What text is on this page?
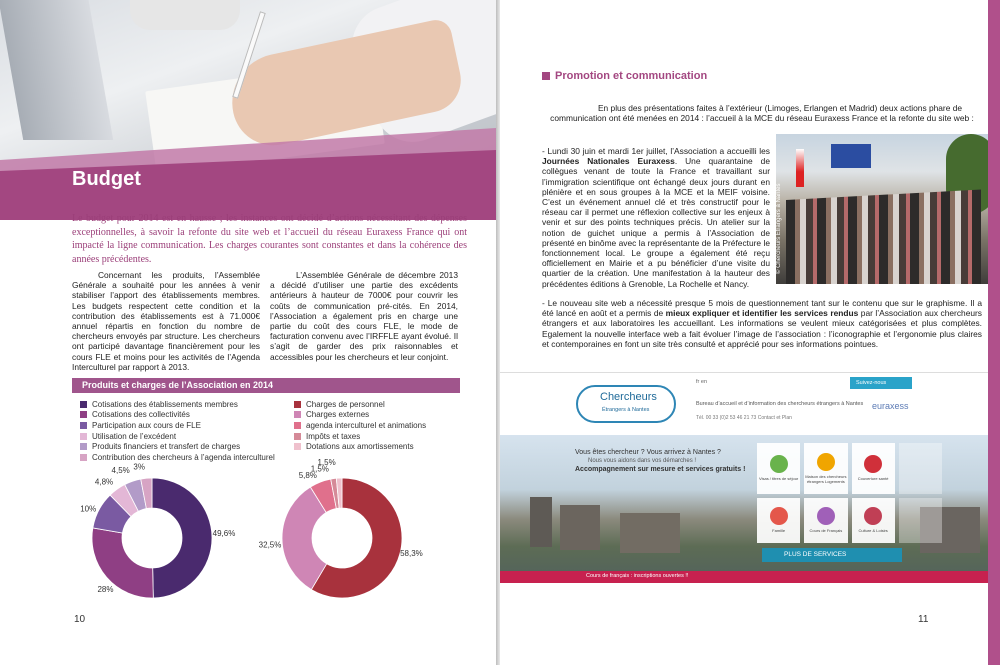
Budget

Le budget pour 2014 est en hausse ; les instances ont décidé d’actions nécessitant des dépenses exceptionnelles, à savoir la refonte du site web et l’accueil du réseau Euraxess France qui ont impacté la ligne communication. Les charges courantes sont constantes et dans la cohérence des années précédentes.

Concernant les produits, l’Assemblée Générale a souhaité pour les années à venir stabiliser l’apport des établissements membres. Les budgets respectent cette condition et la contribution des établissements est à 71.000€ annuel répartis en fonction du nombre de chercheurs envoyés par structure. Les chercheurs ont participé davantage financièrement pour les cours FLE et moins pour les activités de l’Agenda Interculturel par rapport à 2013.

L’Assemblée Générale de décembre 2013 a décidé d’utiliser une partie des excédents antérieurs à hauteur de 7000€ pour couvrir les coûts de communication pré-cités. En 2014, l’Association a également pris en charge une partie du coût des cours FLE, le mode de facturation convenu avec l’IRFFLE ayant évolué. Il s’agit de garder des prix raisonnables et accessibles pour les chercheurs et leur conjoint.

Produits et charges de l’Association en 2014
Cotisations des établissements membres
Cotisations des collectivités
Participation aux cours de FLE
Utilisation de l’excédent
Produits financiers et transfert de charges
Contribution des chercheurs à l’agenda interculturel
Charges de personnel
Charges externes
agenda interculturel et animations
Impôts et taxes
Dotations aux amortissements
49,6%
28%
10%
4,8%
4,5% 3%
58,3%
32,5%
5,8%
1,5%
1,5%
10
Promotion et communication

En plus des présentations faites à l’extérieur (Limoges, Erlangen et Madrid) deux actions phare de communication ont été menées en 2014 : l’accueil à la MCE du réseau Euraxess France et la refonte du site web :

- Lundi 30 juin et mardi 1er juillet, l’Association a accueilli les Journées Nationales Euraxess. Une quarantaine de collègues venant de toute la France et travaillant sur l’immigration scientifique ont échangé deux jours durant en plénière et en sous groupes à la MCE et la MEIF voisine. C’est un événement annuel clé et très constructif pour le réseau car il permet une réflexion collective sur les enjeux à venir et sur des points techniques précis. Un atelier sur la notion de guichet unique a permis à l’Association de présenté en binôme avec la représentante de la Préfecture le fonctionnement local. Le groupe a également été reçu officiellement en Mairie et a pu bénéficier d’une visite du quartier de la création. Une manifestation à la hauteur des précédentes éditions à Grenoble, La Rochelle et Nancy.

© Chercheurs Étrangers à Nantes

- Le nouveau site web a nécessité presque 5 mois de questionnement tant sur le contenu que sur le graphisme. Il a été lancé en août et a permis de mieux expliquer et identifier les services rendus par l’Association aux chercheurs étrangers et aux laboratoires les accueillant. Les informations se veulent mieux catégorisées et plus complètes. Egalement la nouvelle interface web a fait évoluer l’image de l’association : l’iconographie et l’ergonomie plus claires et contemporaines en font un site très consulté et apprécié pour ses informations pointues.

Chercheurs
Étrangers à Nantes
fr en	Suivez-nous
Bureau d’accueil et d’information des chercheurs étrangers à Nantes
Tél. 00 33 (0)2 53 46 21 73 Contact et Plan
euraxess
Vous êtes chercheur ? Vous arrivez à Nantes ?
Nous vous aidons dans vos démarches !
Accompagnement sur mesure et services gratuits !
Visas / titres de séjour Maison des chercheurs étrangers Logements	Couverture santé
Famille	Cours de Français	Culture & Loisirs
PLUS DE SERVICES
Cours de français : inscriptions ouvertes !!
11
